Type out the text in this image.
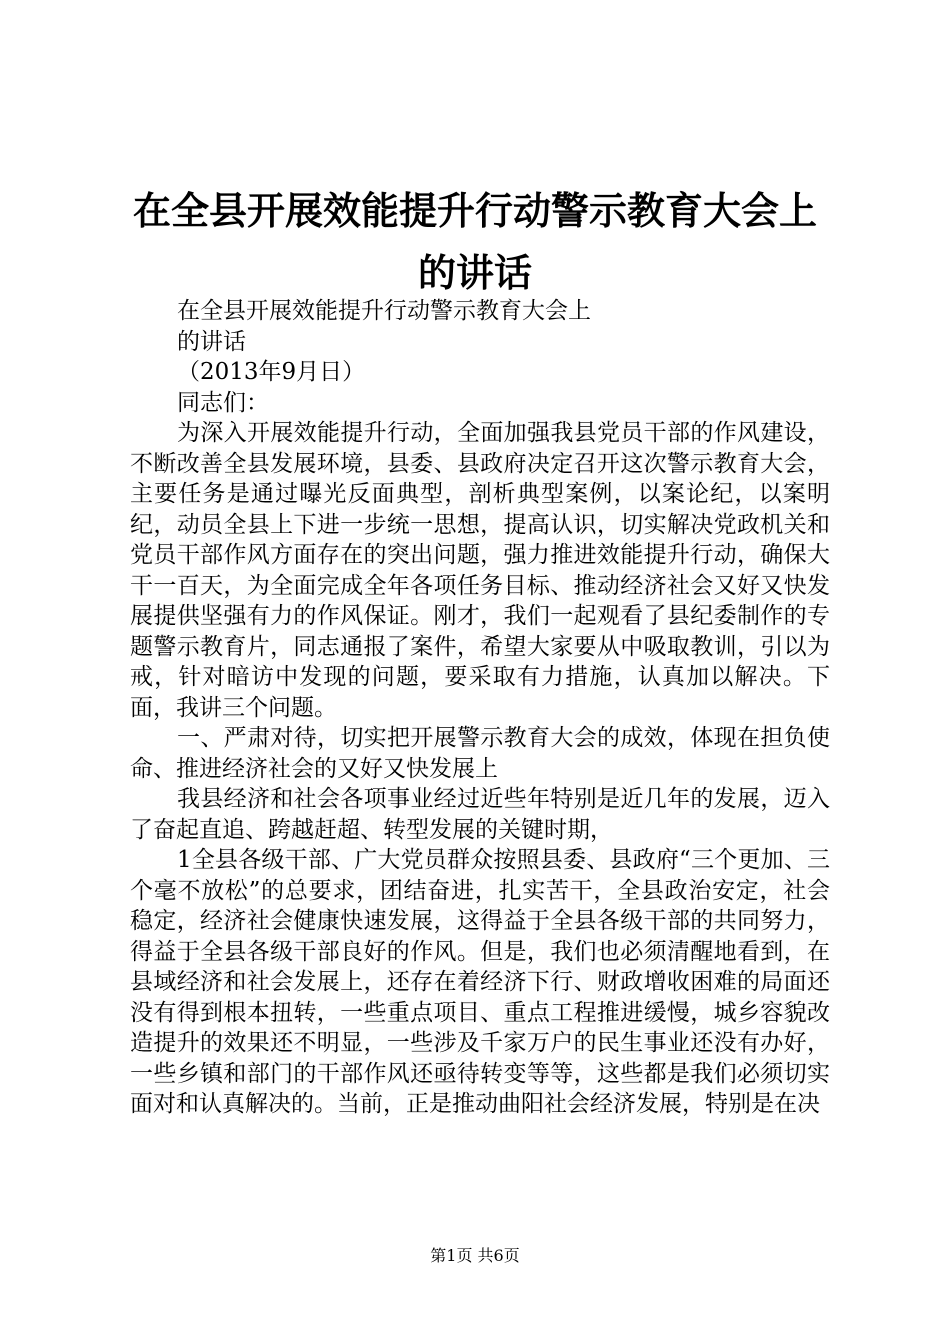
在全县开展效能提升行动警示教育大会上的讲话

在全县开展效能提升行动警示教育大会上

的讲话

（2013年9月日）

同志们：

为深入开展效能提升行动，全面加强我县党员干部的作风建设，不断改善全县发展环境，县委、县政府决定召开这次警示教育大会，主要任务是通过曝光反面典型，剖析典型案例，以案论纪，以案明纪，动员全县上下进一步统一思想，提高认识，切实解决党政机关和党员干部作风方面存在的突出问题，强力推进效能提升行动，确保大干一百天，为全面完成全年各项任务目标、推动经济社会又好又快发展提供坚强有力的作风保证。刚才，我们一起观看了县纪委制作的专题警示教育片，同志通报了案件，希望大家要从中吸取教训，引以为戒，针对暗访中发现的问题，要采取有力措施，认真加以解决。下面，我讲三个问题。

一、严肃对待，切实把开展警示教育大会的成效，体现在担负使命、推进经济社会的又好又快发展上

我县经济和社会各项事业经过近些年特别是近几年的发展，迈入了奋起直追、跨越赶超、转型发展的关键时期，

1全县各级干部、广大党员群众按照县委、县政府“三个更加、三个毫不放松”的总要求，团结奋进，扎实苦干，全县政治安定，社会稳定，经济社会健康快速发展，这得益于全县各级干部的共同努力，得益于全县各级干部良好的作风。但是，我们也必须清醒地看到，在县域经济和社会发展上，还存在着经济下行、财政增收困难的局面还没有得到根本扭转，一些重点项目、重点工程推进缓慢，城乡容貌改造提升的效果还不明显，一些涉及千家万户的民生事业还没有办好，一些乡镇和部门的干部作风还亟待转变等等，这些都是我们必须切实面对和认真解决的。当前，正是推动曲阳社会经济发展，特别是在决

第1页 共6页
